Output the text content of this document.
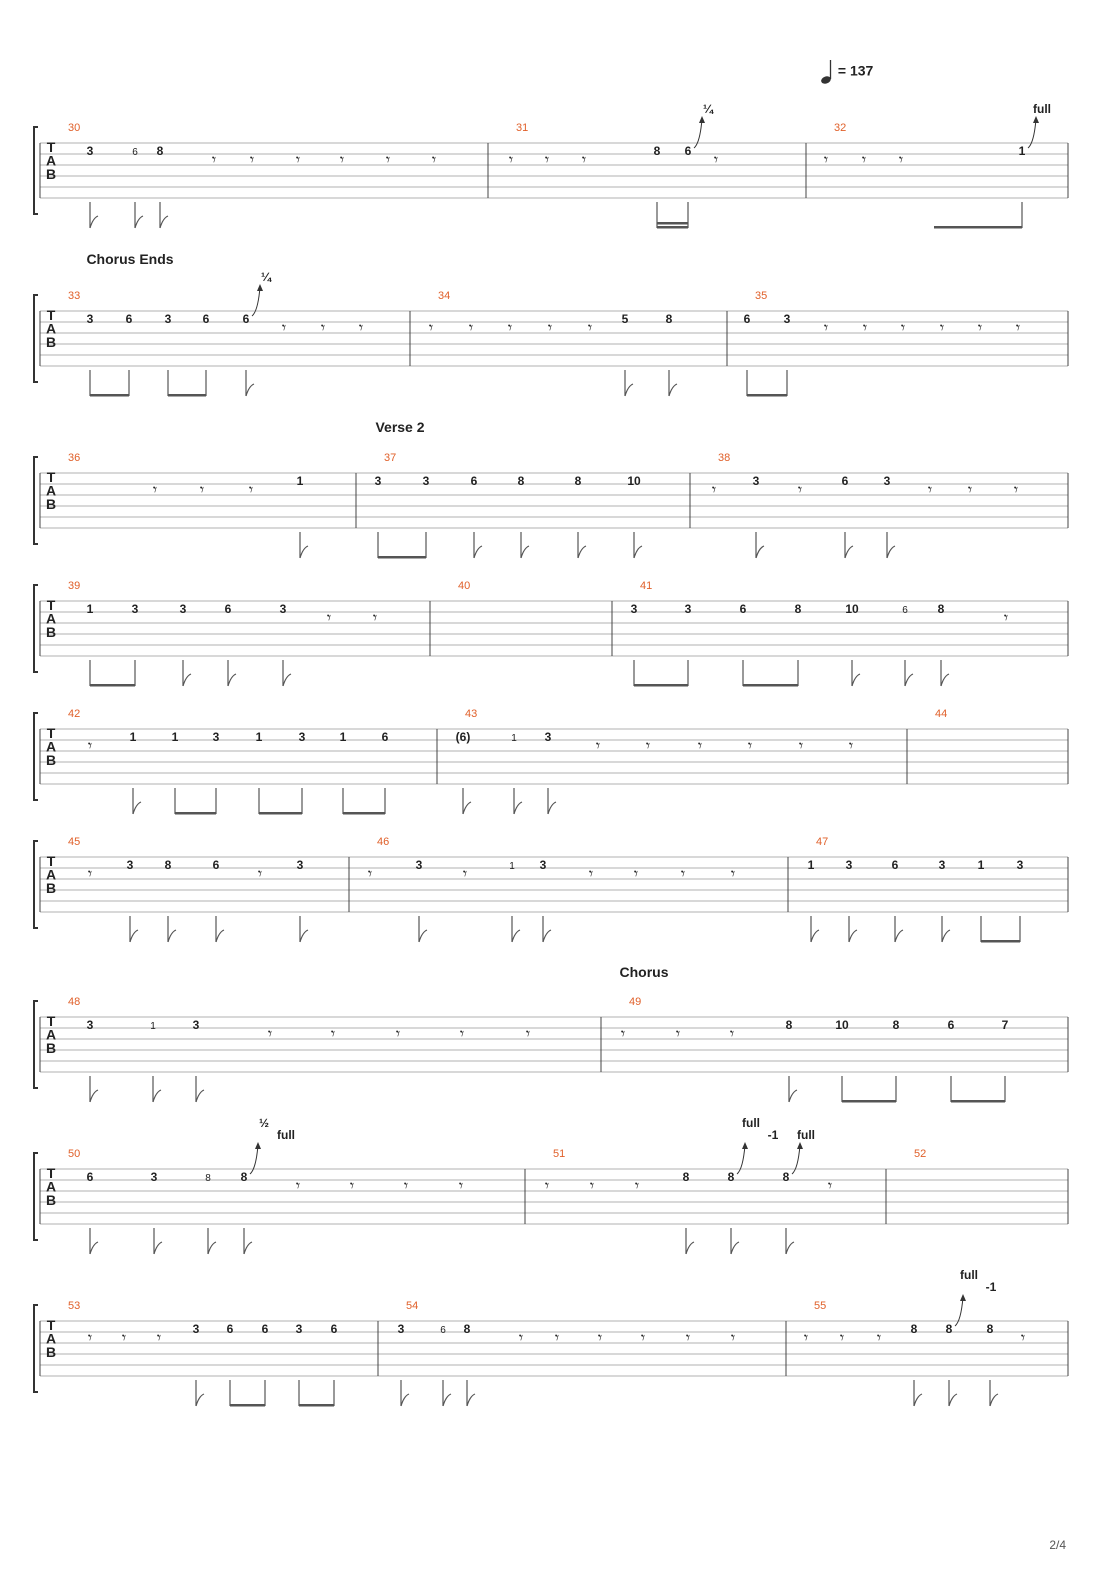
= 137
T
A
B
30
3	6 8
𝄾 𝄾	𝄾 𝄾	𝄾	𝄾
31
8 6
¼
𝄾 𝄾 𝄾	𝄾
32
1
full
𝄾 𝄾 𝄾
T
A
B
Chorus Ends
33
3	6	3	6	6
¼
𝄾 𝄾 𝄾
34
5	8
𝄾 𝄾 𝄾 𝄾 𝄾
35
6	3
𝄾 𝄾 𝄾 𝄾 𝄾 𝄾
T
A
B
Verse 2
36
1
𝄾	𝄾	𝄾
37
3	3	6	8	8	10
38
3	6	3
𝄾	𝄾	𝄾 𝄾	𝄾
T
A
B
39
1	3	3	6	3
𝄾	𝄾
40	41
3	3	6	8	10	6 8
𝄾
T
A
B
42
1	1	3	1	3	1	6
𝄾
43
(6)	1 3
𝄾	𝄾	𝄾	𝄾	𝄾	𝄾
44
T
A
B
45
3	8	6	3
𝄾	𝄾
46
3	1 3
𝄾	𝄾	𝄾	𝄾	𝄾	𝄾
47
1	3	6	3	1	3
T
A
B
Chorus
48
3	1	3
𝄾	𝄾	𝄾	𝄾	𝄾
49
8	10	8	6	7
𝄾	𝄾	𝄾
T
A
B
50
6	3	8 8
½
full
𝄾	𝄾	𝄾	𝄾
51
8	8
full
-1
8
full
𝄾	𝄾	𝄾	𝄾
52
T
A
B
53
3 6 6 3 6
𝄾 𝄾 𝄾
54
3	6 8
𝄾 𝄾 𝄾 𝄾	𝄾	𝄾
55
8 8
full
-1
8
𝄾 𝄾 𝄾	𝄾
2/4
